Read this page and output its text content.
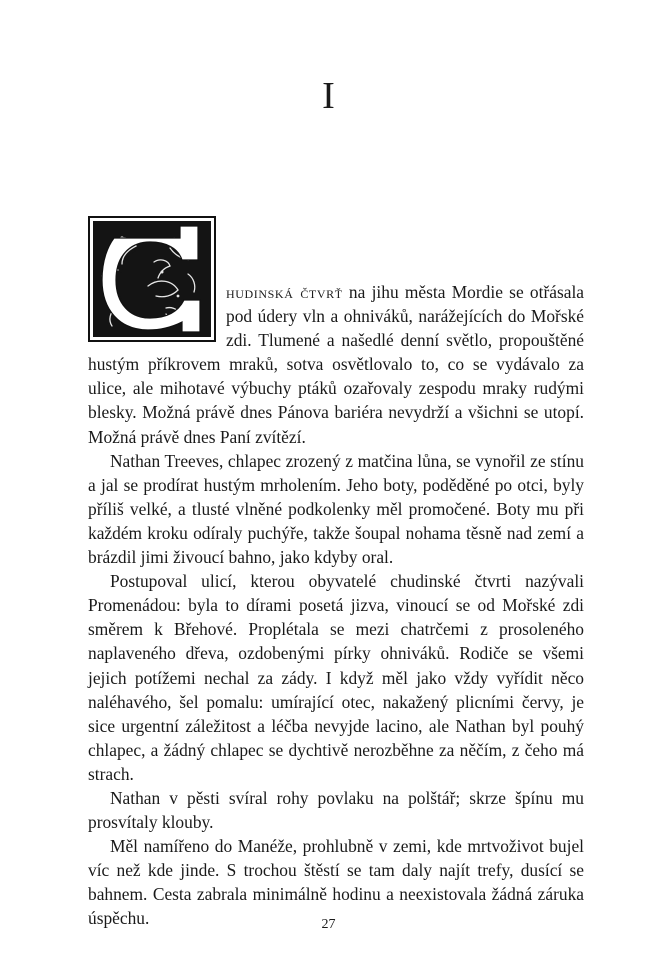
I

hudinská čtvrť na jihu města Mordie se otřásala pod údery vln a ohniváků, narážejících do Mořské zdi. Tlumené a našedlé denní světlo, propouštěné hustým příkrovem mraků, sotva osvětlovalo to, co se vydávalo za ulice, ale mihotavé výbuchy ptáků ozařovaly zespodu mraky rudými blesky. Možná právě dnes Pánova bariéra nevydrží a všichni se utopí. Možná právě dnes Paní zvítězí.

Nathan Treeves, chlapec zrozený z matčina lůna, se vynořil ze stínu a jal se prodírat hustým mrholením. Jeho boty, poděděné po otci, byly příliš velké, a tlusté vlněné podkolenky měl promočené. Boty mu při každém kroku odíraly puchýře, takže šoupal nohama těsně nad zemí a brázdil jimi živoucí bahno, jako kdyby oral.

Postupoval ulicí, kterou obyvatelé chudinské čtvrti nazývali Promenádou: byla to dírami posetá jizva, vinoucí se od Mořské zdi směrem k Břehové. Proplétala se mezi chatrčemi z prosoleného naplaveného dřeva, ozdobenými pírky ohniváků. Rodiče se všemi jejich potížemi nechal za zády. I když měl jako vždy vyřídit něco naléhavého, šel pomalu: umírající otec, nakažený plicními červy, je sice urgentní záležitost a léčba nevyjde lacino, ale Nathan byl pouhý chlapec, a žádný chlapec se dychtivě nerozběhne za něčím, z čeho má strach.

Nathan v pěsti svíral rohy povlaku na polštář; skrze špínu mu prosvítaly klouby.

Měl namířeno do Manéže, prohlubně v zemi, kde mrtvoživot bujel víc než kde jinde. S trochou štěstí se tam daly najít trefy, dusící se bahnem. Cesta zabrala minimálně hodinu a neexistovala žádná záruka úspěchu.	27
